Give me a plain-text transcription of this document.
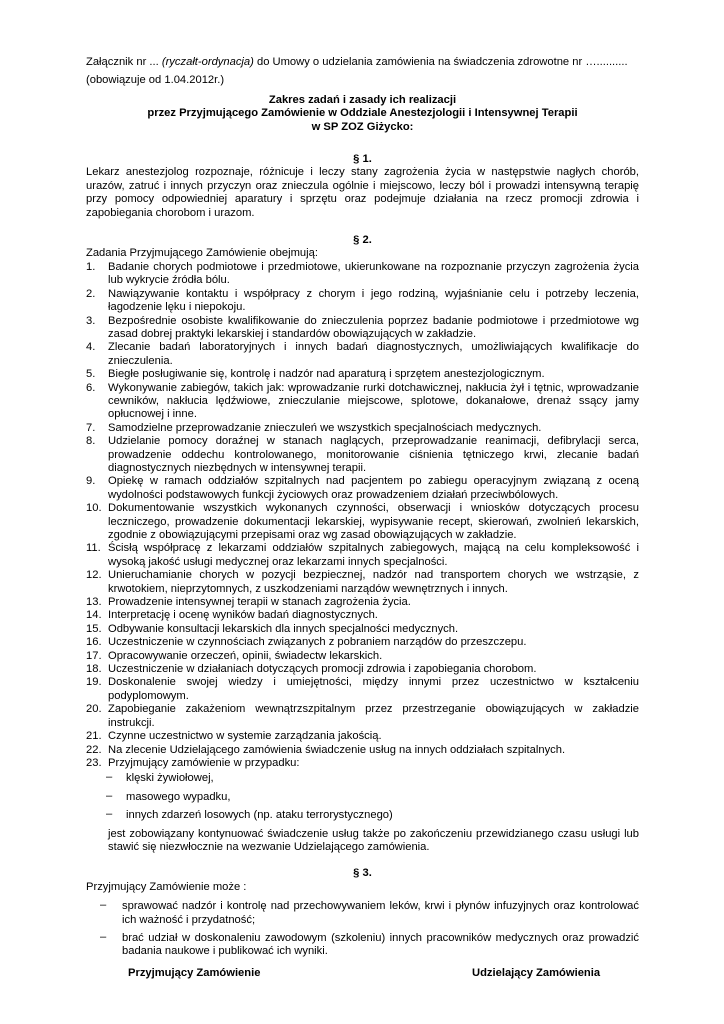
Załącznik nr ... (ryczałt-ordynacja) do Umowy o udzielania zamówienia na świadczenia zdrowotne nr …..........
(obowiązuje od 1.04.2012r.)
Zakres zadań i zasady ich realizacji
przez Przyjmującego Zamówienie w Oddziale Anestezjologii i Intensywnej Terapii
w SP ZOZ Giżycko:
§ 1.
Lekarz anestezjolog rozpoznaje, różnicuje i leczy stany zagrożenia życia w następstwie nagłych chorób, urazów, zatruć i innych przyczyn oraz znieczula ogólnie i miejscowo, leczy ból i prowadzi intensywną terapię przy pomocy odpowiedniej aparatury i sprzętu oraz podejmuje działania na rzecz promocji zdrowia i zapobiegania chorobom i urazom.
§ 2.
Zadania Przyjmującego Zamówienie obejmują:
1. Badanie chorych podmiotowe i przedmiotowe, ukierunkowane na rozpoznanie przyczyn zagrożenia życia lub wykrycie źródła bólu.
2. Nawiązywanie kontaktu i współpracy z chorym i jego rodziną, wyjaśnianie celu i potrzeby leczenia, łagodzenie lęku i niepokoju.
3. Bezpośrednie osobiste kwalifikowanie do znieczulenia poprzez badanie podmiotowe i przedmiotowe wg zasad dobrej praktyki lekarskiej i standardów obowiązujących w zakładzie.
4. Zlecanie badań laboratoryjnych i innych badań diagnostycznych, umożliwiających kwalifikacje do znieczulenia.
5. Biegłe posługiwanie się, kontrolę i nadzór nad aparaturą i sprzętem anestezjologicznym.
6. Wykonywanie zabiegów, takich jak: wprowadzanie rurki dotchawicznej, nakłucia żył i tętnic, wprowadzanie cewników, nakłucia lędźwiowe, znieczulanie miejscowe, splotowe, dokanałowe, drenaż ssący jamy opłucnowej i inne.
7. Samodzielne przeprowadzanie znieczuleń we wszystkich specjalnościach medycznych.
8. Udzielanie pomocy doraźnej w stanach naglących, przeprowadzanie reanimacji, defibrylacji serca, prowadzenie oddechu kontrolowanego, monitorowanie ciśnienia tętniczego krwi, zlecanie badań diagnostycznych niezbędnych w intensywnej terapii.
9. Opiekę w ramach oddziałów szpitalnych nad pacjentem po zabiegu operacyjnym związaną z oceną wydolności podstawowych funkcji życiowych oraz prowadzeniem działań przeciwbólowych.
10. Dokumentowanie wszystkich wykonanych czynności, obserwacji i wniosków dotyczących procesu leczniczego, prowadzenie dokumentacji lekarskiej, wypisywanie recept, skierowań, zwolnień lekarskich, zgodnie z obowiązującymi przepisami oraz wg zasad obowiązujących w zakładzie.
11. Ścisłą współpracę z lekarzami oddziałów szpitalnych zabiegowych, mającą na celu kompleksowość i wysoką jakość usługi medycznej oraz lekarzami innych specjalności.
12. Unieruchamianie chorych w pozycji bezpiecznej, nadzór nad transportem chorych we wstrząsie, z krwotokiem, nieprzytomnych, z uszkodzeniami narządów wewnętrznych i innych.
13. Prowadzenie intensywnej terapii w stanach zagrożenia życia.
14. Interpretację i ocenę wyników badań diagnostycznych.
15. Odbywanie konsultacji lekarskich dla innych specjalności medycznych.
16. Uczestniczenie w czynnościach związanych z pobraniem narządów do przeszczepu.
17. Opracowywanie orzeczeń, opinii, świadectw lekarskich.
18. Uczestniczenie w działaniach dotyczących promocji zdrowia i zapobiegania chorobom.
19. Doskonalenie swojej wiedzy i umiejętności, między innymi przez uczestnictwo w kształceniu podyplomowym.
20. Zapobieganie zakażeniom wewnątrzszpitalnym przez przestrzeganie obowiązujących w zakładzie instrukcji.
21. Czynne uczestnictwo w systemie zarządzania jakością.
22. Na zlecenie Udzielającego zamówienia świadczenie usług na innych oddziałach szpitalnych.
23. Przyjmujący zamówienie w przypadku:
– klęski żywiołowej,
– masowego wypadku,
– innych zdarzeń losowych (np. ataku terrorystycznego)
jest zobowiązany kontynuować świadczenie usług także po zakończeniu przewidzianego czasu usługi lub stawić się niezwłocznie na wezwanie Udzielającego zamówienia.
§ 3.
Przyjmujący Zamówienie może :
– sprawować nadzór i kontrolę nad przechowywaniem leków, krwi i płynów infuzyjnych oraz kontrolować ich ważność i przydatność;
– brać udział w doskonaleniu zawodowym (szkoleniu) innych pracowników medycznych oraz prowadzić badania naukowe i publikować ich wyniki.
Przyjmujący Zamówienie	Udzielający Zamówienia
